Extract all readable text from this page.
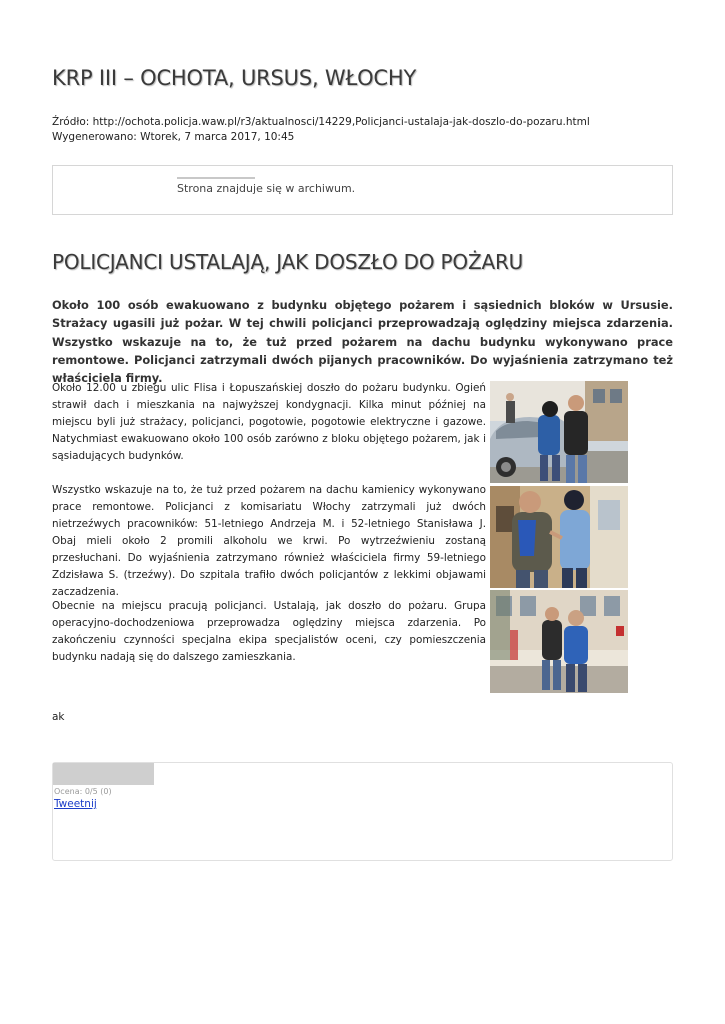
KRP III – OCHOTA, URSUS, WŁOCHY
Źródło: http://ochota.policja.waw.pl/r3/aktualnosci/14229,Policjanci-ustalaja-jak-doszlo-do-pozaru.html
Wygenerowano: Wtorek, 7 marca 2017, 10:45
Strona znajduje się w archiwum.
POLICJANCI USTALAJĄ, JAK DOSZŁO DO POŻARU
Około 100 osób ewakuowano z budynku objętego pożarem i sąsiednich bloków w Ursusie. Strażacy ugasili już pożar. W tej chwili policjanci przeprowadzają oględziny miejsca zdarzenia. Wszystko wskazuje na to, że tuż przed pożarem na dachu budynku wykonywano prace remontowe. Policjanci zatrzymali dwóch pijanych pracowników. Do wyjaśnienia zatrzymano też właściciela firmy.

Około 12.00 u zbiegu ulic Flisa i Łopuszańskiej doszło do pożaru budynku. Ogień strawił dach i mieszkania na najwyższej kondygnacji. Kilka minut później na miejscu byli już strażacy, policjanci, pogotowie, pogotowie elektryczne i gazowe. Natychmiast ewakuowano około 100 osób zarówno z bloku objętego pożarem, jak i sąsiadujących budynków.

Wszystko wskazuje na to, że tuż przed pożarem na dachu kamienicy wykonywano prace remontowe. Policjanci z komisariatu Włochy zatrzymali już dwóch nietrzeźwych pracowników: 51-letniego Andrzeja M. i 52-letniego Stanisława J. Obaj mieli około 2 promili alkoholu we krwi. Po wytrzeźwieniu zostaną przesłuchani. Do wyjaśnienia zatrzymano również właściciela firmy 59-letniego Zdzisława S. (trzeźwy). Do szpitala trafiło dwóch policjantów z lekkimi objawami zaczadzenia.

Obecnie na miejscu pracują policjanci. Ustalają, jak doszło do pożaru. Grupa operacyjno-dochodzeniowa przeprowadza oględziny miejsca zdarzenia. Po zakończeniu czynności specjalna ekipa specjalistów oceni, czy pomieszczenia budynku nadają się do dalszego zamieszkania.

ak
Ocena: 0/5 (0)
Tweetnij
